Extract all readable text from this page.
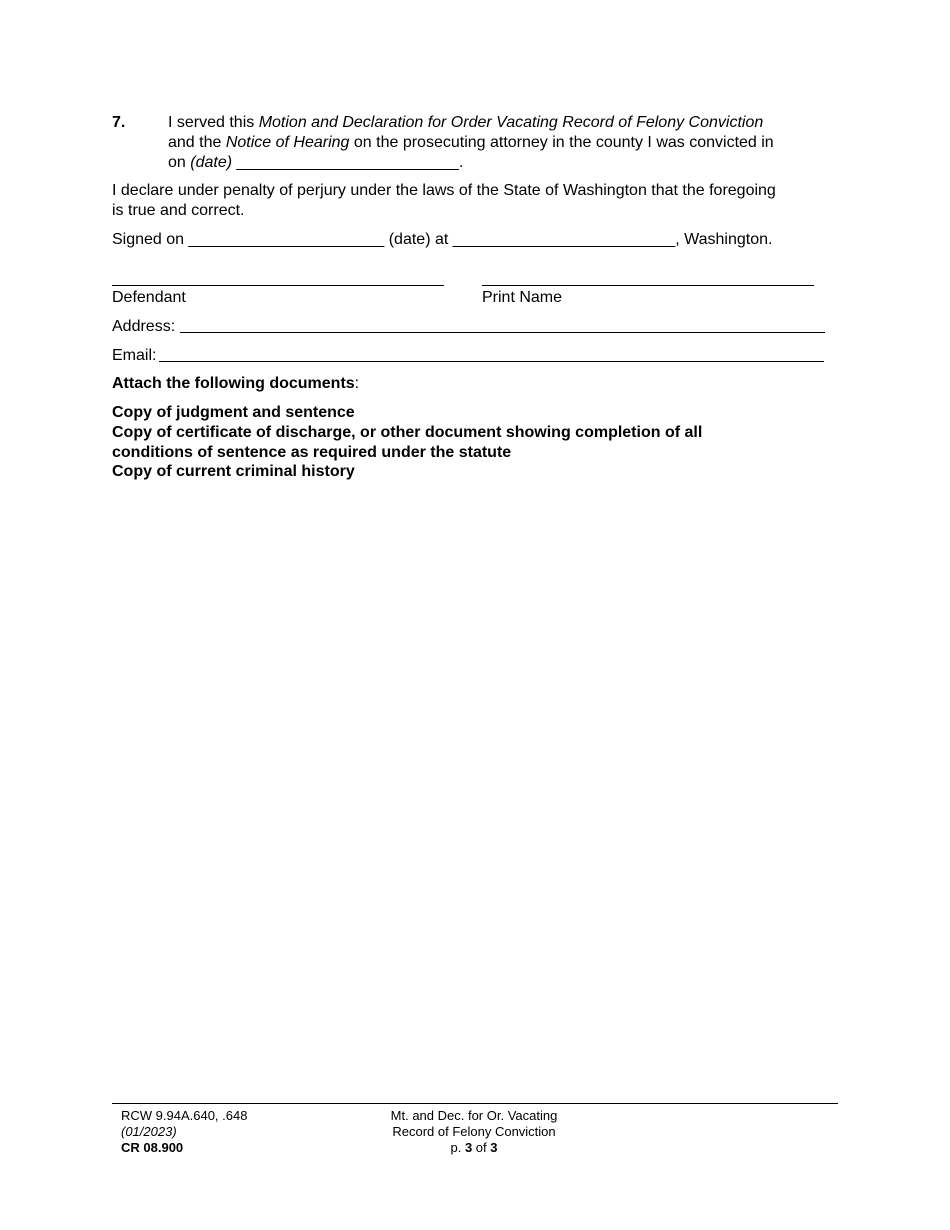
7.	I served this Motion and Declaration for Order Vacating Record of Felony Conviction
and the Notice of Hearing on the prosecuting attorney in the county I was convicted in
on (date) _________________________.
I declare under penalty of perjury under the laws of the State of Washington that the foregoing
is true and correct.
Signed on ______________________ (date) at _________________________, Washington.
Defendant	Print Name
Address:
Email:
Attach the following documents:
Copy of judgment and sentence
Copy of certificate of discharge, or other document showing completion of all
conditions of sentence as required under the statute
Copy of current criminal history
RCW 9.94A.640, .648
(01/2023)
CR 08.900
Mt. and Dec. for Or. Vacating
Record of Felony Conviction
p. 3 of 3
